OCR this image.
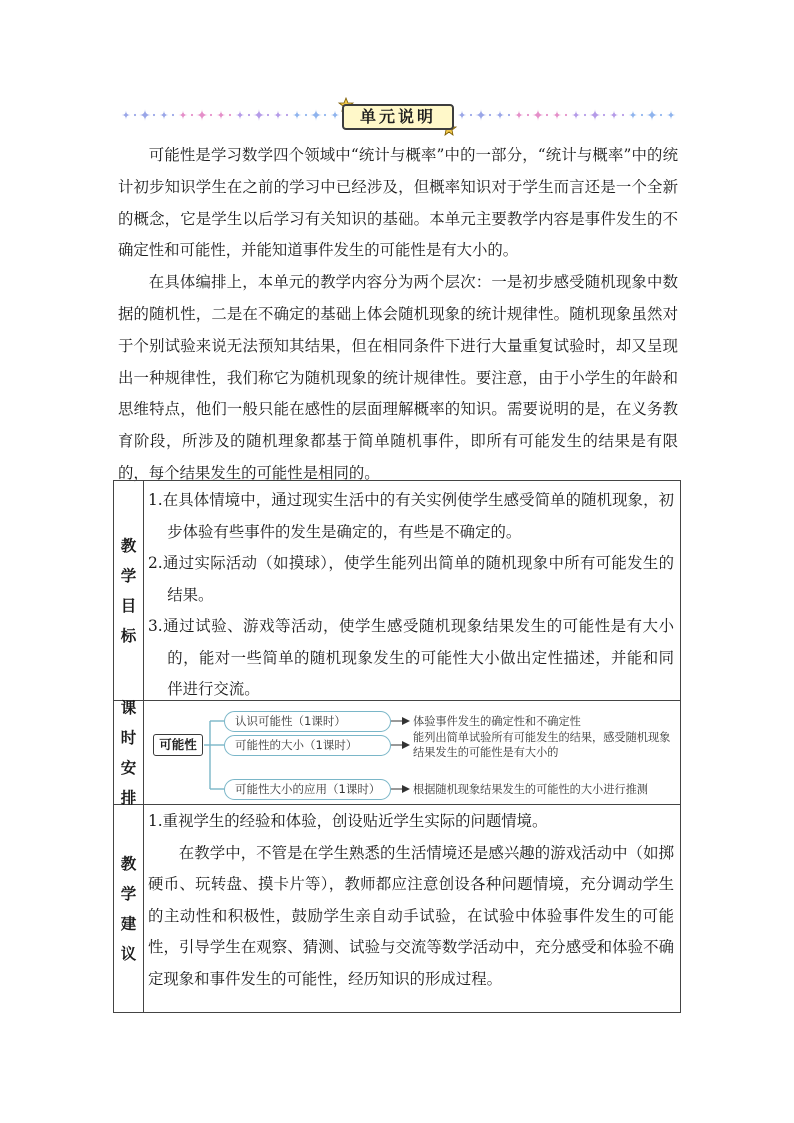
单元说明

可能性是学习数学四个领域中“统计与概率”中的一部分，“统计与概率”中的统计初步知识学生在之前的学习中已经涉及，但概率知识对于学生而言还是一个全新的概念，它是学生以后学习有关知识的基础。本单元主要教学内容是事件发生的不确定性和可能性，并能知道事件发生的可能性是有大小的。

在具体编排上，本单元的教学内容分为两个层次：一是初步感受随机现象中数据的随机性，二是在不确定的基础上体会随机现象的统计规律性。随机现象虽然对于个别试验来说无法预知其结果，但在相同条件下进行大量重复试验时，却又呈现出一种规律性，我们称它为随机现象的统计规律性。要注意，由于小学生的年龄和思维特点，他们一般只能在感性的层面理解概率的知识。需要说明的是，在义务教育阶段，所涉及的随机理象都基于简单随机事件，即所有可能发生的结果是有限的，每个结果发生的可能性是相同的。

教
学
目
标
1.在具体情境中，通过现实生活中的有关实例使学生感受简单的随机现象，初步体验有些事件的发生是确定的，有些是不确定的。
2.通过实际活动（如摸球），使学生能列出简单的随机现象中所有可能发生的结果。
3.通过试验、游戏等活动，使学生感受随机现象结果发生的可能性是有大小的，能对一些简单的随机现象发生的可能性大小做出定性描述，并能和同伴进行交流。
课
时
安
排
可能性
认识可能性（1课时）
可能性的大小（1课时）
可能性大小的应用（1课时）
体验事件发生的确定性和不确定性
能列出简单试验所有可能发生的结果，感受随机现象结果发生的可能性是有大小的
根据随机现象结果发生的可能性的大小进行推测
教
学
建
议
1.重视学生的经验和体验，创设贴近学生实际的问题情境。
在教学中，不管是在学生熟悉的生活情境还是感兴趣的游戏活动中（如掷硬币、玩转盘、摸卡片等），教师都应注意创设各种问题情境，充分调动学生的主动性和积极性，鼓励学生亲自动手试验，在试验中体验事件发生的可能性，引导学生在观察、猜测、试验与交流等数学活动中，充分感受和体验不确定现象和事件发生的可能性，经历知识的形成过程。
